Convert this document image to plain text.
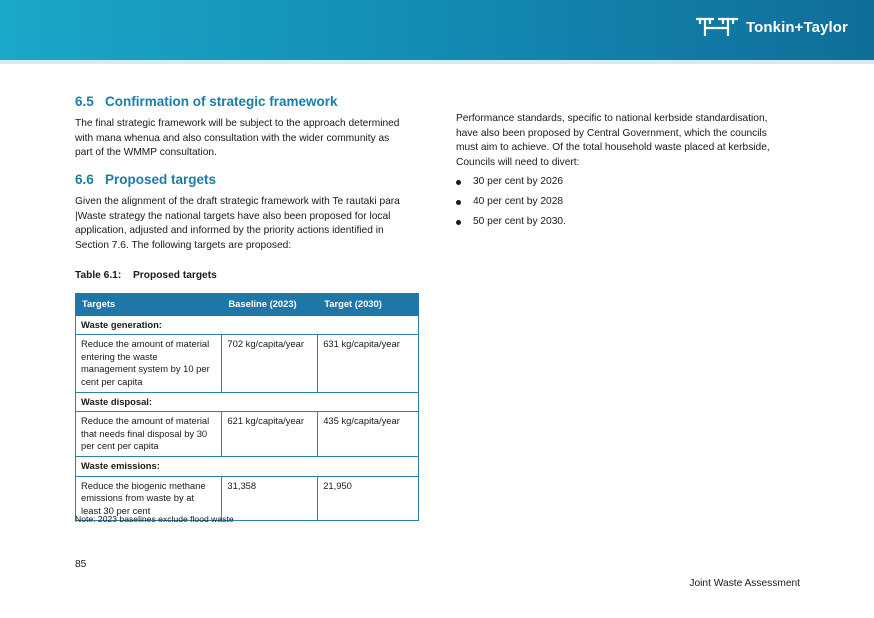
Tonkin+Taylor
6.5 Confirmation of strategic framework
The final strategic framework will be subject to the approach determined
with mana whenua and also consultation with the wider community as
part of the WMMP consultation.
6.6 Proposed targets
Given the alignment of the draft strategic framework with Te rautaki para
|Waste strategy the national targets have also been proposed for local
application, adjusted and informed by the priority actions identified in
Section 7.6. The following targets are proposed:
Table 6.1: Proposed targets
Targets	Baseline (2023)	Target (2030)
Waste generation:		

Reduce the amount of material
entering the waste
management system by 10 per
cent per capita	702 kg/capita/year	631 kg/capita/year
Waste disposal:		

Reduce the amount of material
that needs final disposal by 30
per cent per capita	621 kg/capita/year	435 kg/capita/year
Waste emissions:		

Reduce the biogenic methane
emissions from waste by at
least 30 per cent	31,358	21,950
Note: 2023 baselines exclude flood waste
Performance standards, specific to national kerbside standardisation,
have also been proposed by Central Government, which the councils
must aim to achieve. Of the total household waste placed at kerbside,
Councils will need to divert:
30 per cent by 2026
40 per cent by 2028
50 per cent by 2030.
85
Joint Waste Assessment
